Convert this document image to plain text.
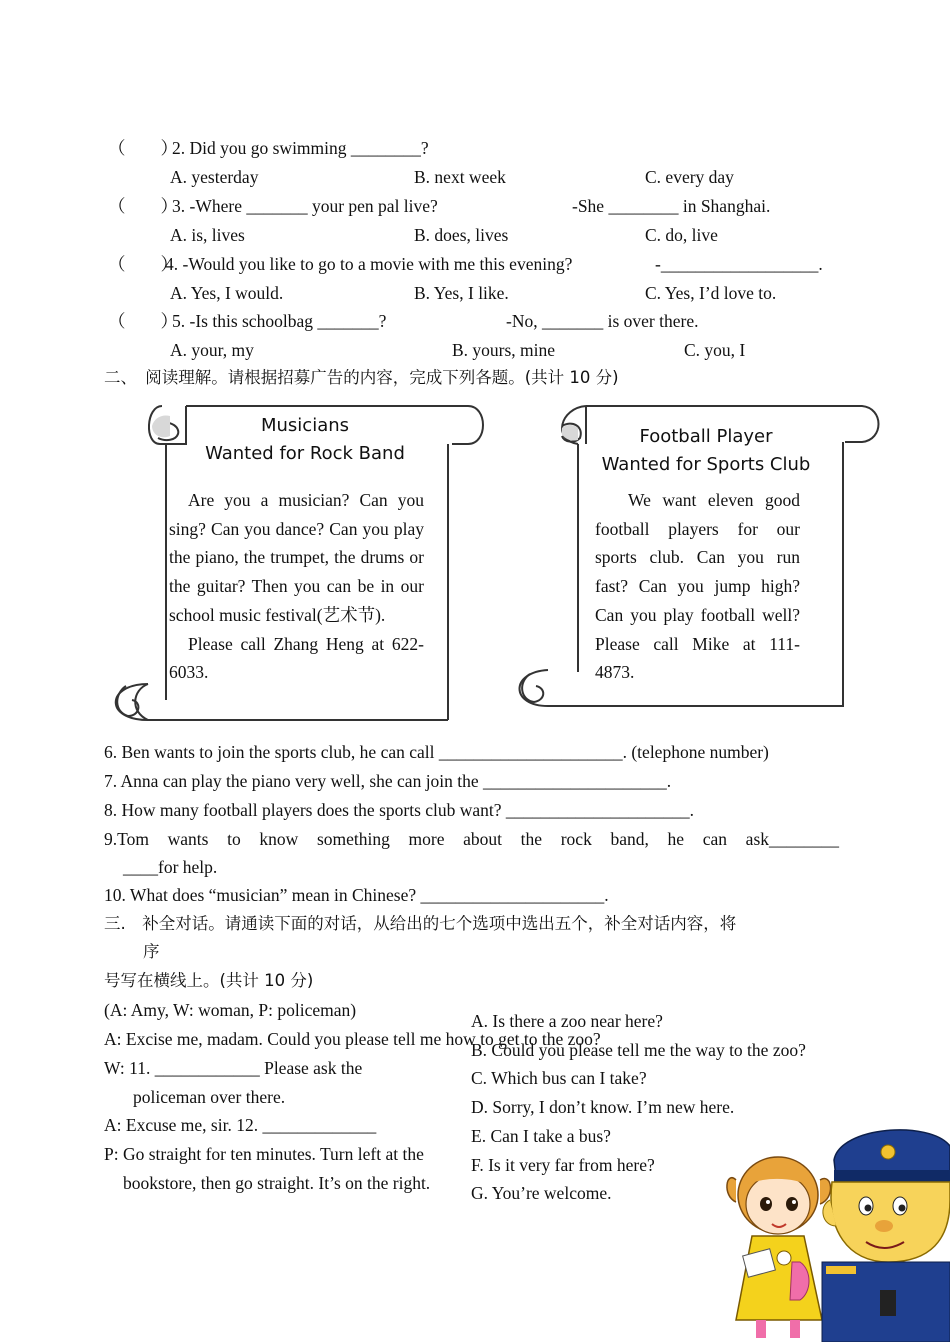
（　　）
2. Did you go swimming ________?
A. yesterday	B. next week	C. every day
（　　）
3. -Where _______ your pen pal live?	-She ________ in Shanghai.
A. is, lives	B. does, lives	C. do, live
（　　）
4. -Would you like to go to a movie with me this evening?	-__________________.
A. Yes, I would.	B. Yes, I like.	C. Yes, I’d love to.
（　　）
5. -Is this schoolbag _______?	-No, _______ is over there.
A. your, my	B. yours, mine	C. you, I
二、　阅读理解。请根据招募广告的内容，完成下列各题。(共计 10 分)
Musicians
Wanted for Rock Band

Are you a musician? Can you sing? Can you dance? Can you play the piano, the trumpet, the drums or the guitar? Then you can be in our school music festival(艺术节).

Please call Zhang Heng at 622-6033.

Football Player
Wanted for Sports Club

We want eleven good football players for our sports club. Can you run fast? Can you jump high? Can you play football well? Please call Mike at 111-4873.

6. Ben wants to join the sports club, he can call _____________________. (telephone number)
7. Anna can play the piano very well, she can join the _____________________.
8. How many football players does the sports club want? _____________________.
9.Tom wants to know something more about the rock band, he can ask________
____for help.
10. What does “musician” mean in Chinese? _____________________.
三.　补全对话。请通读下面的对话，从给出的七个选项中选出五个，补全对话内容，将
序
号写在横线上。(共计 10 分)
(A: Amy, W: woman, P: policeman)
A. Is there a zoo near here?
B. Could you please tell me the way to the zoo?
C. Which bus can I take?
D. Sorry, I don’t know. I’m new here.
E. Can I take a bus?
F. Is it very far from here?
G. You’re welcome.
A: Excise me, madam. Could you please tell me how to get to the zoo?
W: 11. ____________ Please ask the
policeman over there.
A: Excuse me, sir. 12. _____________
P: Go straight for ten minutes. Turn left at the
bookstore, then go straight. It’s on the right.
